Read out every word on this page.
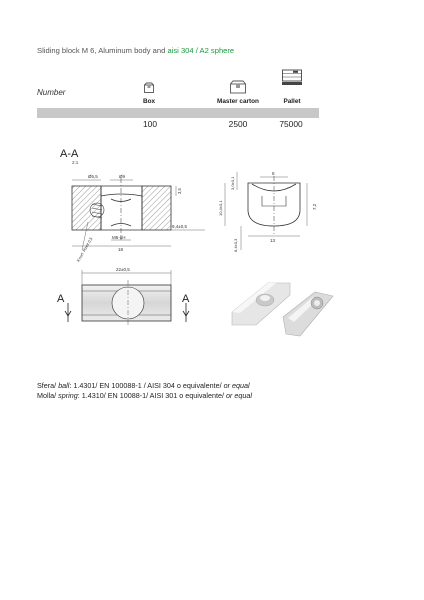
Sliding block M 6, Aluminum body and aisi 304 / A2 sphere
Number
Box	Master carton	Pallet
100	2500	75000
A-A
2:1
Ø5,5	Ø9
3,5
9,4±0,5
M6-6H
18
Knurl. Rzeit 0,5
8
3,0±0,1
10,4±0,1	7,2
13
8,4±0,3
22±0,5
A	A
Sfera/ ball: 1.4301/ EN 100088-1 / AISI 304 o equivalente/ or equal
Molla/ spring: 1.4310/ EN 10088-1/ AISI 301 o equivalente/ or equal
